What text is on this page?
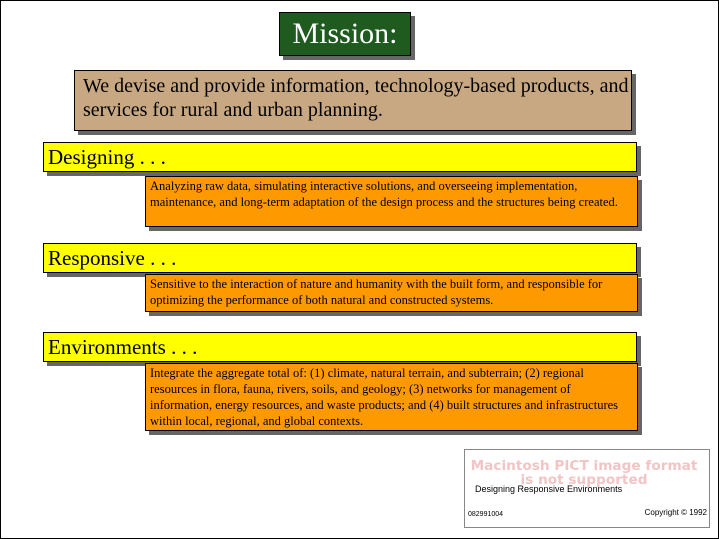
Mission:
We devise and provide information, technology-based products, and services for rural and urban planning.
Designing . . .
Analyzing raw data, simulating interactive solutions, and overseeing implementation, maintenance, and long-term adaptation of the design process and the structures being created.
Responsive . . .
Sensitive to the interaction of nature and humanity with the built form, and responsible for optimizing the performance of both natural and constructed systems.
Environments . . .
Integrate the aggregate total of: (1) climate, natural terrain, and subterrain; (2) regional resources in flora, fauna, rivers, soils, and geology; (3) networks for management of information, energy resources, and waste products; and (4) built structures and infrastructures within local, regional, and global contexts.
Macintosh PICT image format is not supported
Designing Responsive Environments
082991004	Copyright © 1992
